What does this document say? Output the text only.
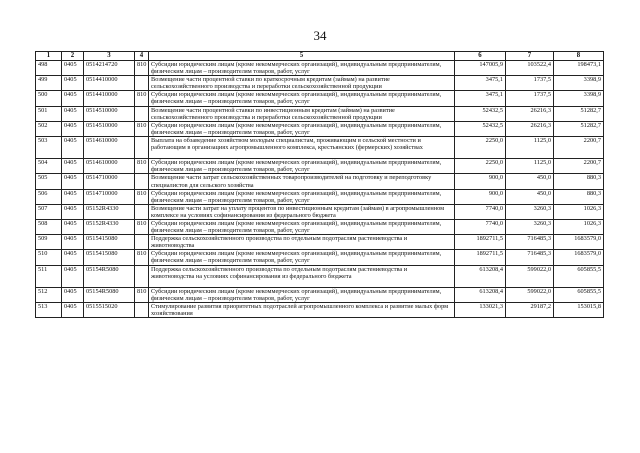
34
1	2	3	4	5	6	7	8
498	0405	0514214720	810	Субсидии юридическим лицам (кроме некоммерческих организаций), индивидуальным предпринимателям, физическим лицам – производителям товаров, работ, услуг	147005,9	103522,4	198473,1
499	0405	0514410000		Возмещение части процентной ставки по краткосрочным кредитам (займам) на развитие сельскохозяйственного производства и переработки сельскохозяйственной продукции	3475,1	1737,5	3398,9
500	0405	0514410000	810	Субсидии юридическим лицам (кроме некоммерческих организаций), индивидуальным предпринимателям, физическим лицам – производителям товаров, работ, услуг	3475,1	1737,5	3398,9
501	0405	0514510000		Возмещение части процентной ставки по инвестиционным кредитам (займам) на развитие сельскохозяйственного производства и переработки сельскохозяйственной продукции	52432,5	26216,3	51282,7
502	0405	0514510000	810	Субсидии юридическим лицам (кроме некоммерческих организаций), индивидуальным предпринимателям, физическим лицам – производителям товаров, работ, услуг	52432,5	26216,3	51282,7
503	0405	0514610000		Выплата на обзаведение хозяйством молодым специалистам, проживающим в сельской местности и работающим в организациях агропромышленного комплекса, крестьянских (фермерских) хозяйствах	2250,0	1125,0	2200,7
504	0405	0514610000	810	Субсидии юридическим лицам (кроме некоммерческих организаций), индивидуальным предпринимателям, физическим лицам – производителям товаров, работ, услуг	2250,0	1125,0	2200,7
505	0405	0514710000		Возмещение части затрат сельскохозяйственных товаропроизводителей на подготовку и переподготовку специалистов для сельского хозяйства	900,0	450,0	880,3
506	0405	0514710000	810	Субсидии юридическим лицам (кроме некоммерческих организаций), индивидуальным предпринимателям, физическим лицам – производителям товаров, работ, услуг	900,0	450,0	880,3
507	0405	05152R4330		Возмещение части затрат на уплату процентов по инвестиционным кредитам (займам) в агропромышленном комплексе на условиях софинансирования из федерального бюджета	7740,0	3260,3	1026,3
508	0405	05152R4330	810	Субсидии юридическим лицам (кроме некоммерческих организаций), индивидуальным предпринимателям, физическим лицам – производителям товаров, работ, услуг	7740,0	3260,3	1026,3
509	0405	0515415080		Поддержка сельскохозяйственного производства по отдельным подотраслям растениеводства и животноводства	1892711,5	716485,3	1683579,0
510	0405	0515415080	810	Субсидии юридическим лицам (кроме некоммерческих организаций), индивидуальным предпринимателям, физическим лицам – производителям товаров, работ, услуг	1892711,5	716485,3	1683579,0
511	0405	05154R5080		Поддержка сельскохозяйственного производства по отдельным подотраслям растениеводства и животноводства на условиях софинансирования из федерального бюджета	613208,4	599022,0	605855,5
512	0405	05154R5080	810	Субсидии юридическим лицам (кроме некоммерческих организаций), индивидуальным предпринимателям, физическим лицам – производителям товаров, работ, услуг	613208,4	599022,0	605855,5
513	0405	0515515020		Стимулирование развития приоритетных подотраслей агропромышленного комплекса и развитие малых форм хозяйствования	133021,3	29187,2	153015,8
